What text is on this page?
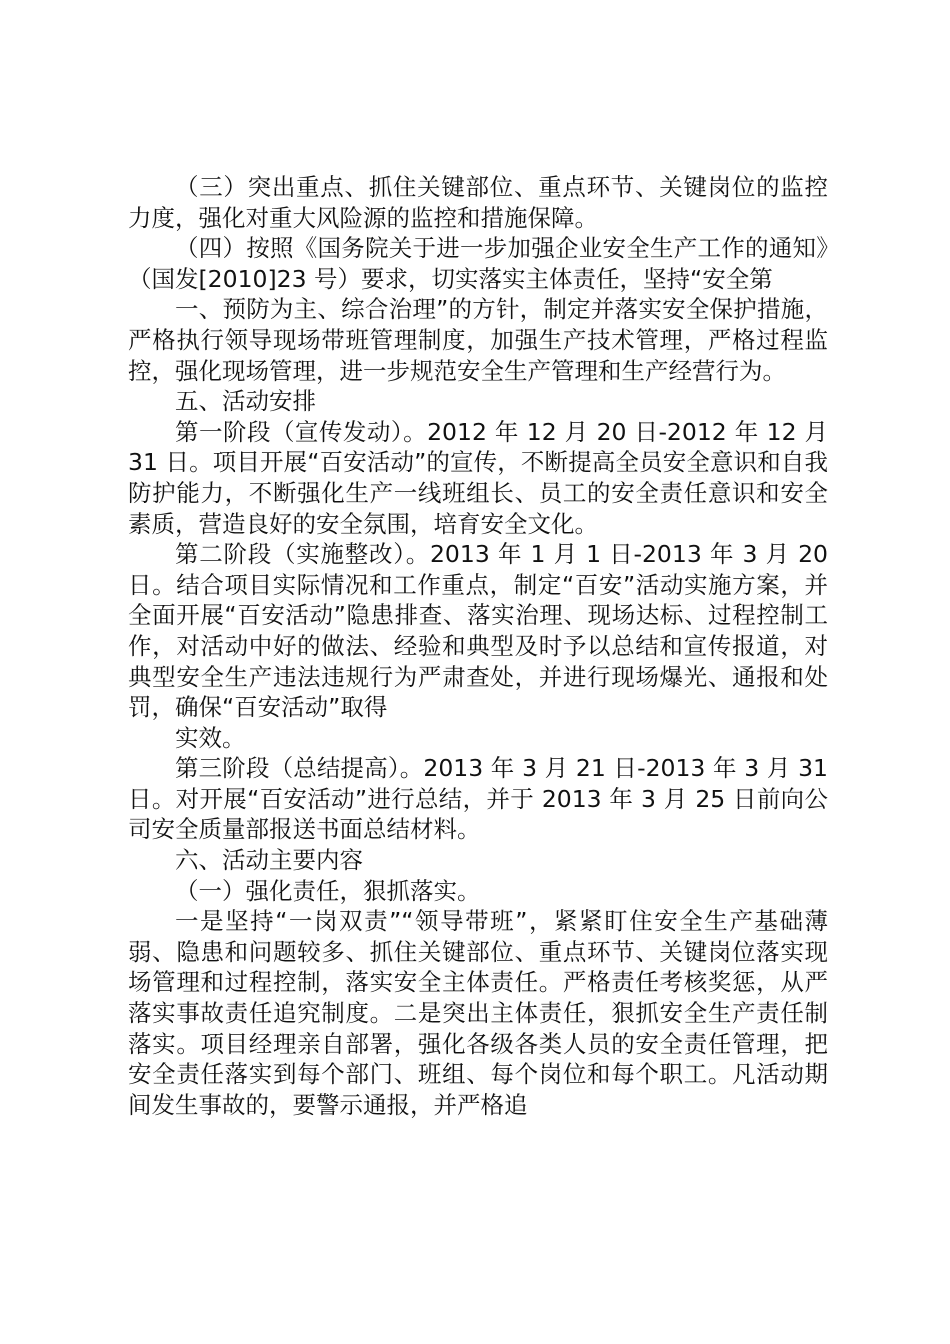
（三）突出重点、抓住关键部位、重点环节、关键岗位的监控力度，强化对重大风险源的监控和措施保障。

（四）按照《国务院关于进一步加强企业安全生产工作的通知》（国发[2010]23 号）要求，切实落实主体责任，坚持“安全第

一、预防为主、综合治理”的方针，制定并落实安全保护措施，严格执行领导现场带班管理制度，加强生产技术管理，严格过程监控，强化现场管理，进一步规范安全生产管理和生产经营行为。

五、活动安排

第一阶段（宣传发动）。2012 年 12 月 20 日-2012 年 12 月 31 日。项目开展“百安活动”的宣传，不断提高全员安全意识和自我防护能力，不断强化生产一线班组长、员工的安全责任意识和安全素质，营造良好的安全氛围，培育安全文化。

第二阶段（实施整改）。2013 年 1 月 1 日-2013 年 3 月 20 日。结合项目实际情况和工作重点，制定“百安”活动实施方案，并全面开展“百安活动”隐患排查、落实治理、现场达标、过程控制工作，对活动中好的做法、经验和典型及时予以总结和宣传报道，对典型安全生产违法违规行为严肃查处，并进行现场爆光、通报和处罚，确保“百安活动”取得

实效。

第三阶段（总结提高）。2013 年 3 月 21 日-2013 年 3 月 31 日。对开展“百安活动”进行总结，并于 2013 年 3 月 25 日前向公司安全质量部报送书面总结材料。

六、活动主要内容

（一）强化责任，狠抓落实。

一是坚持“一岗双责”“领导带班”，紧紧盯住安全生产基础薄弱、隐患和问题较多、抓住关键部位、重点环节、关键岗位落实现场管理和过程控制，落实安全主体责任。严格责任考核奖惩，从严落实事故责任追究制度。二是突出主体责任，狠抓安全生产责任制落实。项目经理亲自部署，强化各级各类人员的安全责任管理，把安全责任落实到每个部门、班组、每个岗位和每个职工。凡活动期间发生事故的，要警示通报，并严格追
